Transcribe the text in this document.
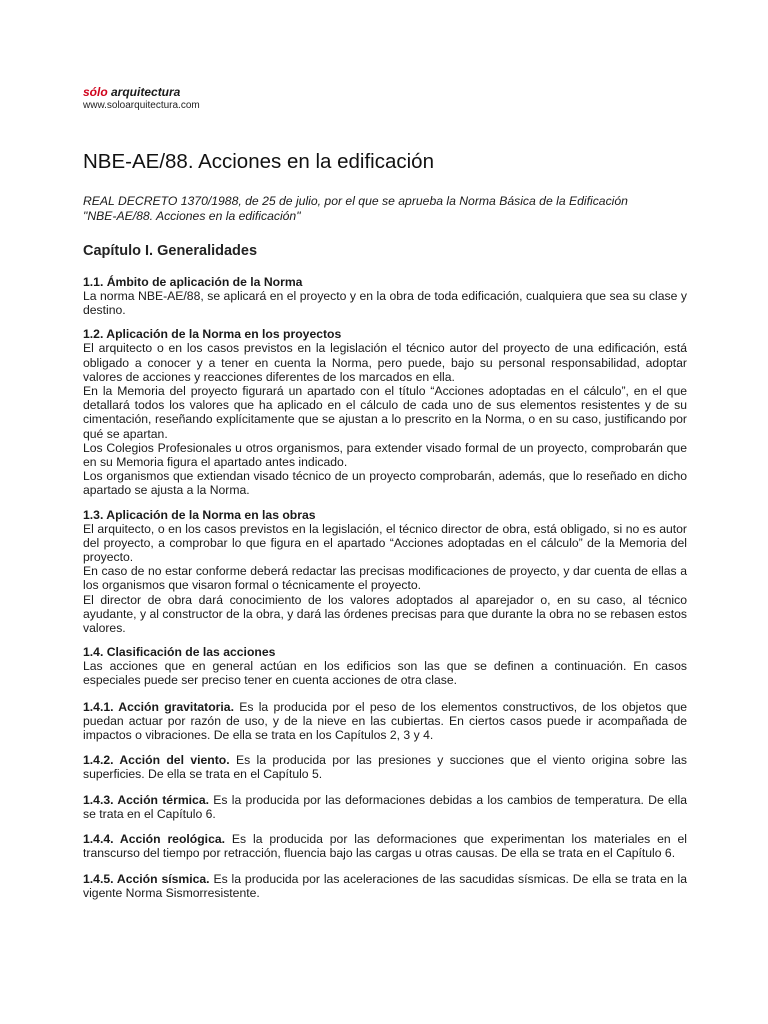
sólo arquitectura
www.soloarquitectura.com
NBE-AE/88. Acciones en la edificación
REAL DECRETO 1370/1988, de 25 de julio, por el que se aprueba la Norma Básica de la Edificación
"NBE-AE/88. Acciones en la edificación"
Capítulo I. Generalidades
1.1. Ámbito de aplicación de la Norma

La norma NBE-AE/88, se aplicará en el proyecto y en la obra de toda edificación, cualquiera que sea su clase y destino.

1.2. Aplicación de la Norma en los proyectos

El arquitecto o en los casos previstos en la legislación el técnico autor del proyecto de una edificación, está obligado a conocer y a tener en cuenta la Norma, pero puede, bajo su personal responsabilidad, adoptar valores de acciones y reacciones diferentes de los marcados en ella.

En la Memoria del proyecto figurará un apartado con el título “Acciones adoptadas en el cálculo”, en el que detallará todos los valores que ha aplicado en el cálculo de cada uno de sus elementos resistentes y de su cimentación, reseñando explícitamente que se ajustan a lo prescrito en la Norma, o en su caso, justificando por qué se apartan.

Los Colegios Profesionales u otros organismos, para extender visado formal de un proyecto, comprobarán que en su Memoria figura el apartado antes indicado.

Los organismos que extiendan visado técnico de un proyecto comprobarán, además, que lo reseñado en dicho apartado se ajusta a la Norma.

1.3. Aplicación de la Norma en las obras

El arquitecto, o en los casos previstos en la legislación, el técnico director de obra, está obligado, si no es autor del proyecto, a comprobar lo que figura en el apartado “Acciones adoptadas en el cálculo” de la Memoria del proyecto.

En caso de no estar conforme deberá redactar las precisas modificaciones de proyecto, y dar cuenta de ellas a los organismos que visaron formal o técnicamente el proyecto.

El director de obra dará conocimiento de los valores adoptados al aparejador o, en su caso, al técnico ayudante, y al constructor de la obra, y dará las órdenes precisas para que durante la obra no se rebasen estos valores.

1.4. Clasificación de las acciones

Las acciones que en general actúan en los edificios son las que se definen a continuación. En casos especiales puede ser preciso tener en cuenta acciones de otra clase.

1.4.1. Acción gravitatoria. Es la producida por el peso de los elementos constructivos, de los objetos que puedan actuar por razón de uso, y de la nieve en las cubiertas. En ciertos casos puede ir acompañada de impactos o vibraciones. De ella se trata en los Capítulos 2, 3 y 4.

1.4.2. Acción del viento. Es la producida por las presiones y succiones que el viento origina sobre las superficies. De ella se trata en el Capítulo 5.

1.4.3. Acción térmica. Es la producida por las deformaciones debidas a los cambios de temperatura. De ella se trata en el Capítulo 6.

1.4.4. Acción reológica. Es la producida por las deformaciones que experimentan los materiales en el transcurso del tiempo por retracción, fluencia bajo las cargas u otras causas. De ella se trata en el Capítulo 6.

1.4.5. Acción sísmica. Es la producida por las aceleraciones de las sacudidas sísmicas. De ella se trata en la vigente Norma Sismorresistente.
